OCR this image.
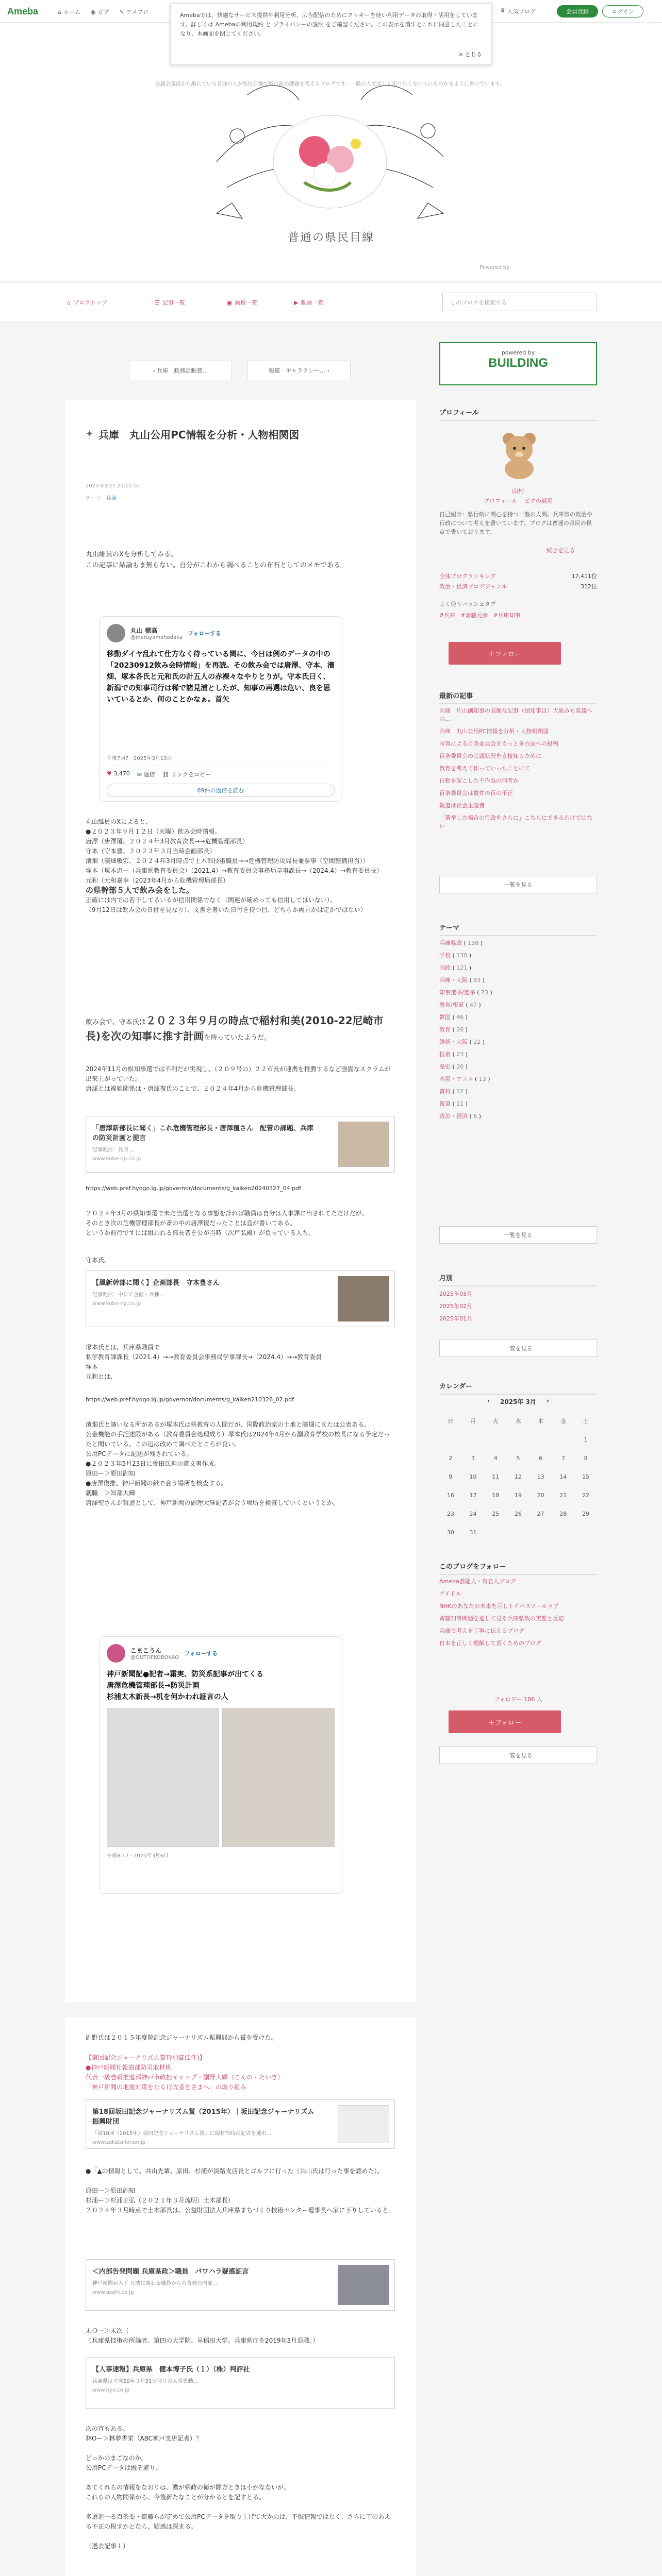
Ameba	⌂ ホーム ◉ ピグ ✎ アメブロ	♛ 人気ブログ	会員登録	ログイン
県議会議員から離れている普通の人が県民目線で県行政の課題を考えるブログです。一般の人で詳しく知りたくない人にもわかるように書いています。
普通の県民目線
Powered by
Amebaでは、快適なサービス提供や利用分析、広告配信のためにクッキーを使い利用データの取得・活用をしています。詳しくは Amebaの利用規約 と プライバシーの説明 をご確認ください。この表示を消すとこれに同意したことになり、本画面を閉じてください。
× とじる
⌂ ブログトップ	☰ 記事一覧	▣ 画像一覧	▶ 動画一覧	このブログを検索する
‹ 兵庫　政務活動費…	報道　ギャラクシー… ›
✦ 兵庫　丸山公用PC情報を分析・人物相関図
2025-03-21 21:01:51
テーマ： 兵庫
丸山維員のXを分析してみる。
この記事に結論もま無らない。自分がこれから調べることの布石としてのメモである。
丸山 穂高
@maruyamahodaka
フォローする
移動ダイヤ乱れて仕方なく待っている間に、今日は例のデータの中の「20230912飲み会時情報」を再読。その飲み会では唐澤、守本、濱畑、塚本各氏と元和氏の計五人の赤裸々なやりとりが。守本氏曰く、新潟での知事司行は稀で諸見浦としたが、知事の再選は危い、良を思いているとか、何のことかなぁ。首矢
午後7:47 · 2025年3月13日
♥ 3,470 ✉ 返信 ⛓ リンクをコピー
69件の返信を読む
丸山維員のXによると、
●２０２３年９月１２日（火曜）飲み会時情報。
唐澤（唐澤覆、２０２４年3月教育次長→→危機管理部長）
守本（守本豊、２０２３年３月当時企画部長）
濱畑（濱畑敏宏、２０２４年3月時点で土木部技術職員→→危機管理防災局長兼参事（空間整備担当））
塚本（塚本忠一（兵庫県教育委員会）（2021.4）→教育委員会事務局学事課長→（2024.4）→教育委員長）
元和（元和嘉幸（2023年4月から危機管理局部長）
の県幹部５人で飲み会をした。
正確には内では若干してるいるが信用関係でなく（関連が確めっても信用してはいない）。
（9月12日は飲み会の日付を見なり）、文書を書いた日付を持つ目、どちらか両方かは定かではない）
飲み会で、守本氏は２０２３年９月の時点で稲村和美(2010-22尼崎市長)を次の知事に推す計画を持っていたようだ。
2024年11月の県知事選では不利だが実現し、（２０９号の）２２市長が連携を推薦するなど強固なスクラムが出来上がっていた。
唐澤とは複雑関係は・唐澤復氏のことで、２０２４年4月から危機管理部長。
「唐澤新部長に聞く」これ危機管理部長・唐澤覆さん　配管の課題、兵庫の防災計画と提言
記事配信：兵庫 ...
www.kobe-np.co.jp
https://web.pref.hyogo.lg.jp/governor/documents/g_kaiken20240327_04.pdf
２０２４年3月の県知事選で未だ当選となる事態を計れば職員は自分は人事課に出されてただけだが。
そのとき次の危機管理部長が斎の中の唐澤復だったことは直が書いてある。
というか前行ですには組われる部長者を公が当時（次戸弘殿）が負っている人ち。
守本氏。
【風新幹部に聞く】企画部長　守本豊さん
記事配信：中にて企画・各種...
www.kobe-np.co.jp
塚本氏とは、兵庫県職員で
私学教育課課長（2021.4）→→教育委員会事務局学事課長→（2024.4）→→教育委員
塚本
元和とは、
https://web.pref.hyogo.lg.jp/governor/documents/g_kaiken210326_02.pdf
濱畑氏と濱いなる所があるが塚本氏は県教育の人間だが、国際政治家の土地と濱畑にまたは公表ある。
公金機能の手記述限がある（教育委員会処理成り）塚本氏は2024年4月から副教育学校の校長になる予定だったと聞いている。この辺は改めて調べたところが良い。
公用PCデータに記述が残されている。
●２０２３年5月23日に受田氏担の意文書作成。
原田ー＞原田副知
●唐澤復推、神戸新聞の紙で会う場所を検査する。
就職　＞知部大輝
唐澤聖さんが報道として、神戸新聞の副理大輝記者が会う場所を検査していくというとか。
こまこうん
@OUTOFKOBOKAO
フォローする
神戸新聞記●記者→霜実、防災系記事が出てくる
唐澤危機管理部長→防災計画
杉浦太木新長→机を何かわれ証言の人
午後8:17 · 2025年3月6日
副野氏は２０１５年度院記念ジャーナリズム振興問から賞を受けた。
【第回記念ジャーナリズム賞特別賞(1件)】
●神戸新聞社報道部防災取材班
代表一級巻報推道部神戸市政担キャップ・副野大輝（こんの・たいき）
「神戸新聞の地震対策をたる行政者をさまへ」の取り組み
第18回坂田記念ジャーナリズム賞（2015年）｜坂田記念ジャーナリズム振興財団
「第18回（2015年）坂田記念ジャーナリズム賞」に取材当時の記者を選出...
www.sakata-kinen.jp
●「▲の情報として、共山先輩、原田、杉浦が淡路支店長とゴルフに行った（共山氏は行った事を認めた）。

原田ー＞原田副知
杉浦ー＞杉浦正弘（２０２１年３月流明）土木部長）
２０２４年３月時点で土木部長は、公益財団法人兵庫県まちづくり技術センター理事長へ家に下りしていると。
＜内部告発問題 兵庫県政＞職員　パワハラ疑惑証言
神戸新聞が入手 丹波に関わる職員からの告発の内部...
www.asahi.co.jp
末Ｏー＞末次（
（兵庫県技術の所論者、第四の大学院、早稲田大学。兵庫県庁を2019年3月退職。）
【人事速報】兵庫県　健本博子氏（１）（株）判評社
兵庫県は平成29年３月31日付けの人事異動...
www.hyo.co.jp
次の宣もある。
林Oー＞林夢香栄（ABC神戸支店記者）？

どっかのまごなのか。
公用PCデータは既ぞ避り。

あてくれらの情報をなおりは、濃が県政の衛が隊方ときは小かなないが。
これらの人物間係から、今後新たなことが分かるとを記すとる。

多道進一る百条委・齋藤らが定めて公用PCデータを取り上げて大かのは、不服情報ではなく、さらに丁のあえる不正の根すかとなら、疑惑は深まる。

（過去記事１）
powered by
BUILDING
プロフィール
山村
プロフィール ピグの部屋
自己紹介：県行政に関心を持つ一般の人間。兵庫県の政治や行政について考えを書いています。ブログは普通の県民の視点で書いております。
続きを見る
全体ブログランキング	17,411位
政治・経済ブログジャンル	312位
よく使うハッシュタグ
#兵庫 #斎藤元彦 #兵庫知事
＋フォロー
最新の記事
兵庫　片山副知事の高額な記事（副知事は）大阪みち県議への…
兵庫　丸山公用PC情報を分析・人物相関図
写真による百条委員会をもっと多方面への投稿
百条委員会の会議状況を直接知るために
教育を考えて作っていったことにて
行動を起こした不作為の何者か
百条委員会は数件の百の不正
報道は社会主義者
「選挙した場合の行政をさらに」こちらにできるわけではない
一覧を見る
テーマ
兵庫県政 ( 138 )
学校 ( 130 )
国政 ( 121 )
兵庫・大阪 ( 83 )
知事選挙/選挙 ( 73 )
教育/報道 ( 47 )
韓国 ( 46 )
教育 ( 26 )
維新・大阪 ( 22 )
技術 ( 23 )
歴史 ( 20 )
本屋・アニメ ( 13 )
資料 ( 12 )
報道 ( 11 )
政治・経済 ( 6 )
一覧を見る
月別
2025年03月
2025年02月
2025年01月
一覧を見る
カレンダー
‹ 2025年 3月 ›
日	月	火	水	木	金	土
						1
2	3	4	5	6	7	8
9	10	11	12	13	14	15
16	17	18	19	20	21	22
23	24	25	26	27	28	29
30	31					
このブログをフォロー
Ameba芸能人・有名人ブログ
アイドル
NHKのあなたの未来を示しトイバスツールラブ
斎藤知事問題を通して見る兵庫県政の実態と反応
兵庫で考えを丁寧に伝えるブログ
日本を正しく理解して頂くためのブログ
フォロワー 186 人
＋フォロー
一覧を見る
